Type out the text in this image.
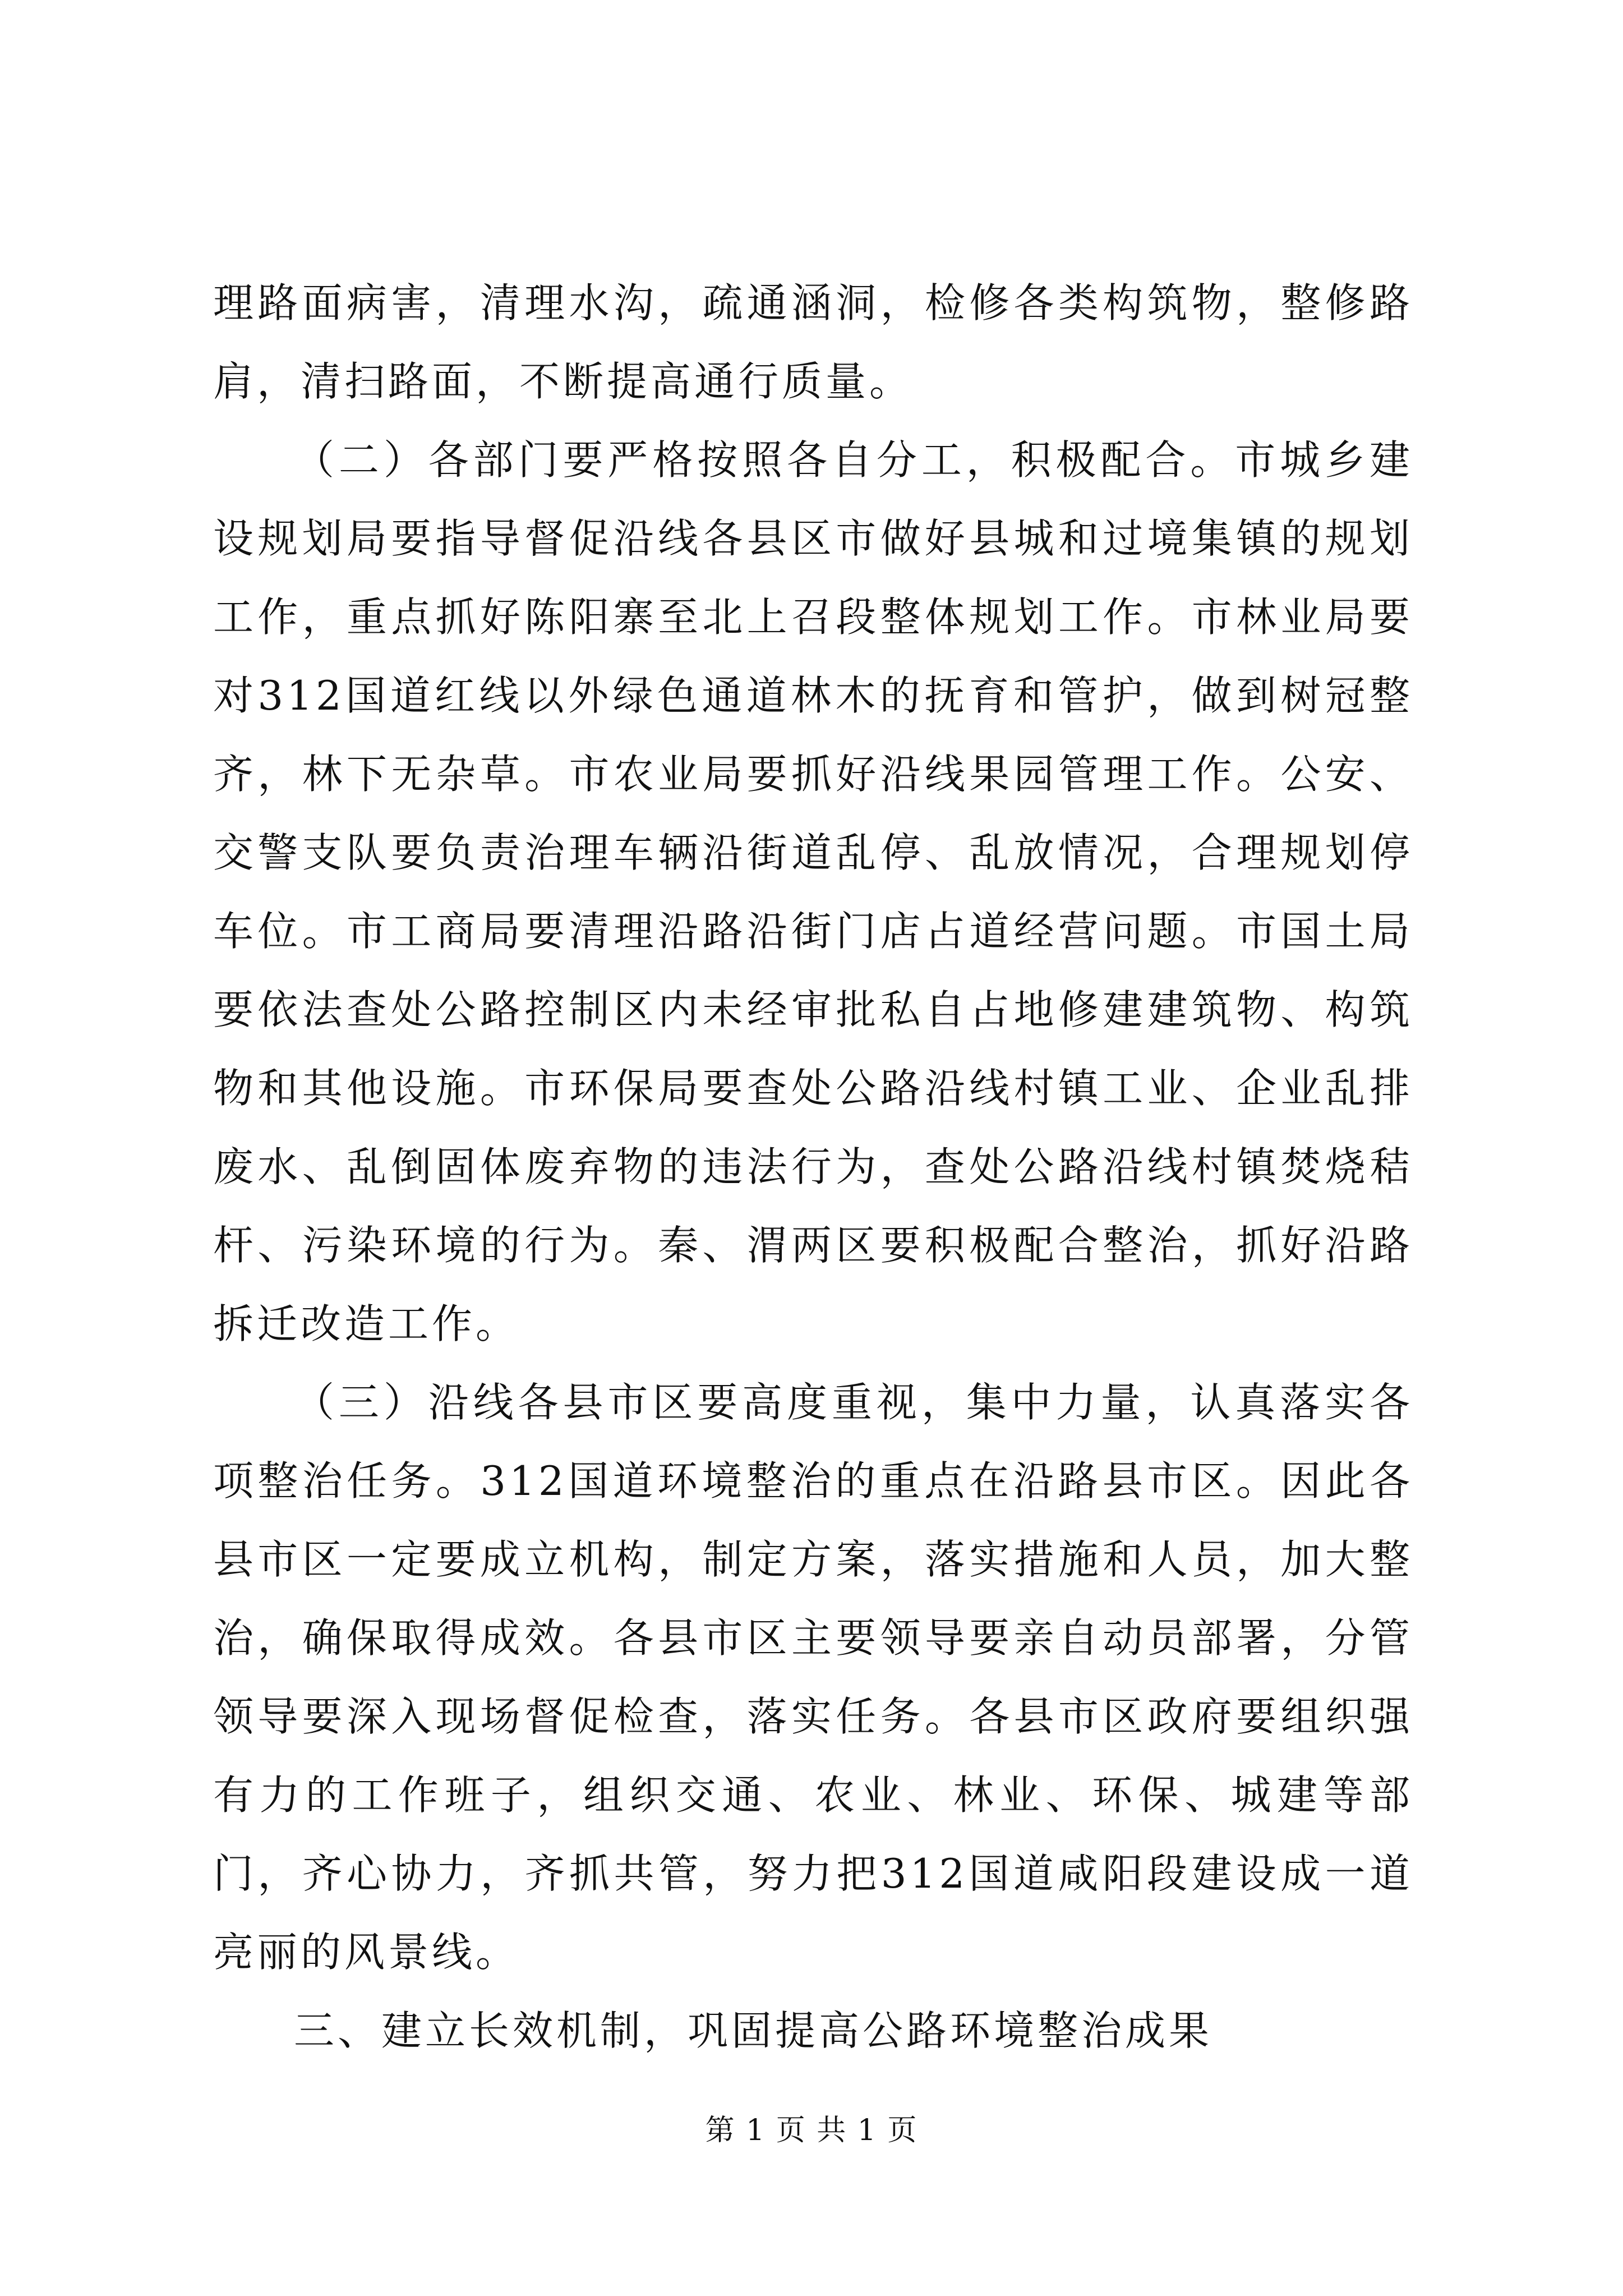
理路面病害，清理水沟，疏通涵洞，检修各类构筑物，整修路肩，清扫路面，不断提高通行质量。

（二）各部门要严格按照各自分工，积极配合。市城乡建设规划局要指导督促沿线各县区市做好县城和过境集镇的规划工作，重点抓好陈阳寨至北上召段整体规划工作。市林业局要对312国道红线以外绿色通道林木的抚育和管护，做到树冠整齐，林下无杂草。市农业局要抓好沿线果园管理工作。公安、交警支队要负责治理车辆沿街道乱停、乱放情况，合理规划停车位。市工商局要清理沿路沿街门店占道经营问题。市国土局要依法查处公路控制区内未经审批私自占地修建建筑物、构筑物和其他设施。市环保局要查处公路沿线村镇工业、企业乱排废水、乱倒固体废弃物的违法行为，查处公路沿线村镇焚烧秸杆、污染环境的行为。秦、渭两区要积极配合整治，抓好沿路拆迁改造工作。

（三）沿线各县市区要高度重视，集中力量，认真落实各项整治任务。312国道环境整治的重点在沿路县市区。因此各县市区一定要成立机构，制定方案，落实措施和人员，加大整治，确保取得成效。各县市区主要领导要亲自动员部署，分管领导要深入现场督促检查，落实任务。各县市区政府要组织强有力的工作班子，组织交通、农业、林业、环保、城建等部门，齐心协力，齐抓共管，努力把312国道咸阳段建设成一道亮丽的风景线。

三、建立长效机制，巩固提高公路环境整治成果

第 1 页 共 1 页
